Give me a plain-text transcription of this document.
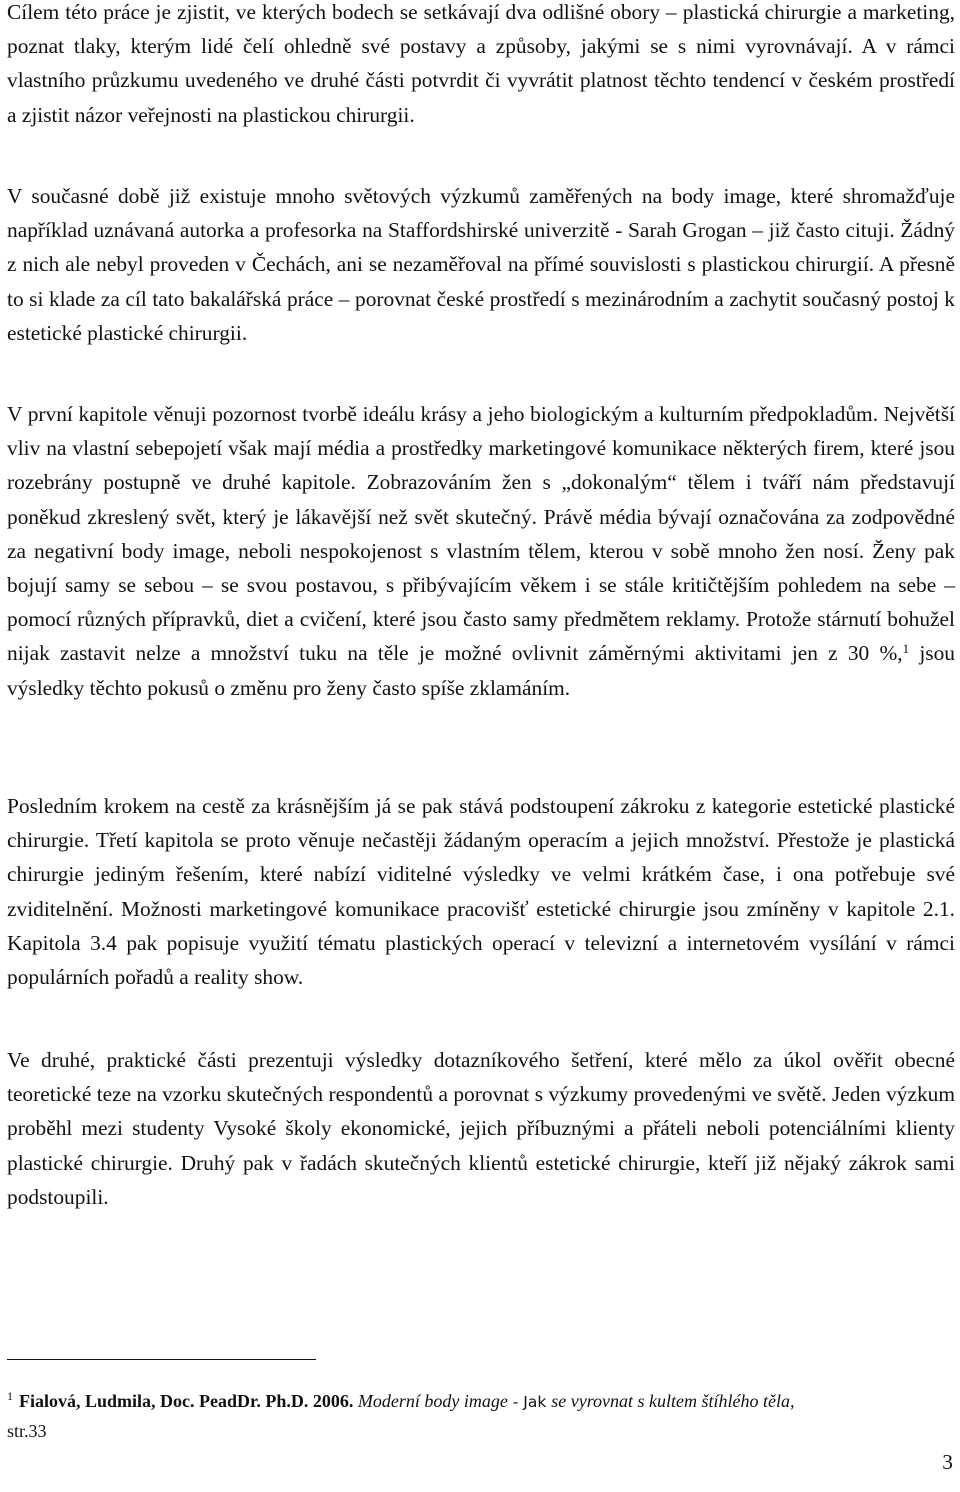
Cílem této práce je zjistit, ve kterých bodech se setkávají dva odlišné obory – plastická chirurgie a marketing, poznat tlaky, kterým lidé čelí ohledně své postavy a způsoby, jakými se s nimi vyrovnávají. A v rámci vlastního průzkumu uvedeného ve druhé části potvrdit či vyvrátit platnost těchto tendencí v českém prostředí a zjistit názor veřejnosti na plastickou chirurgii.

V současné době již existuje mnoho světových výzkumů zaměřených na body image, které shromažďuje například uznávaná autorka a profesorka na Staffordshirské univerzitě - Sarah Grogan – již často cituji. Žádný z nich ale nebyl proveden v Čechách, ani se nezaměřoval na přímé souvislosti s plastickou chirurgií. A přesně to si klade za cíl tato bakalářská práce – porovnat české prostředí s mezinárodním a zachytit současný postoj k estetické plastické chirurgii.

V první kapitole věnuji pozornost tvorbě ideálu krásy a jeho biologickým a kulturním předpokladům. Největší vliv na vlastní sebepojetí však mají média a prostředky marketingové komunikace některých firem, které jsou rozebrány postupně ve druhé kapitole. Zobrazováním žen s „dokonalým“ tělem i tváří nám představují poněkud zkreslený svět, který je lákavější než svět skutečný. Právě média bývají označována za zodpovědné za negativní body image, neboli nespokojenost s vlastním tělem, kterou v sobě mnoho žen nosí. Ženy pak bojují samy se sebou – se svou postavou, s přibývajícím věkem i se stále kritičtějším pohledem na sebe – pomocí různých přípravků, diet a cvičení, které jsou často samy předmětem reklamy. Protože stárnutí bohužel nijak zastavit nelze a množství tuku na těle je možné ovlivnit záměrnými aktivitami jen z 30 %,$^1$ jsou výsledky těchto pokusů o změnu pro ženy často spíše zklamáním.

Posledním krokem na cestě za krásnějším já se pak stává podstoupení zákroku z kategorie estetické plastické chirurgie. Třetí kapitola se proto věnuje nečastěji žádaným operacím a jejich množství. Přestože je plastická chirurgie jediným řešením, které nabízí viditelné výsledky ve velmi krátkém čase, i ona potřebuje své zviditelnění. Možnosti marketingové komunikace pracovišť estetické chirurgie jsou zmíněny v kapitole 2.1. Kapitola 3.4 pak popisuje využití tématu plastických operací v televizní a internetovém vysílání v rámci populárních pořadů a reality show.

Ve druhé, praktické části prezentuji výsledky dotazníkového šetření, které mělo za úkol ověřit obecné teoretické teze na vzorku skutečných respondentů a porovnat s výzkumy provedenými ve světě. Jeden výzkum proběhl mezi studenty Vysoké školy ekonomické, jejich příbuznými a přáteli neboli potenciálními klienty plastické chirurgie. Druhý pak v řadách skutečných klientů estetické chirurgie, kteří již nějaký zákrok sami podstoupili.

$^1$ Fialová, Ludmila, Doc. PeadDr. Ph.D. 2006. Moderní body image - Jak se vyrovnat s kultem štíhlého těla,
str.33
3
